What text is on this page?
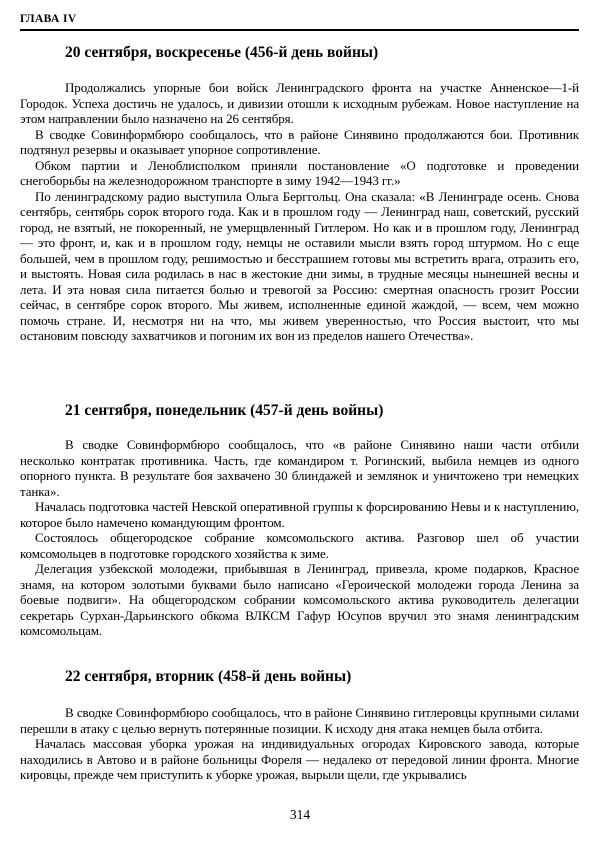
ГЛАВА IV
20 сентября, воскресенье (456-й день войны)

Продолжались упорные бои войск Ленинградского фронта на участке Анненское—1-й Городок. Успеха достичь не удалось, и дивизии отошли к исходным рубежам. Новое наступление на этом направлении было назначено на 26 сентября.

В сводке Совинформбюро сообщалось, что в районе Синявино продолжаются бои. Противник подтянул резервы и оказывает упорное сопротивление.

Обком партии и Леноблисполком приняли постановление «О подготовке и проведении снегоборьбы на железнодорожном транспорте в зиму 1942—1943 гг.»

По ленинградскому радио выступила Ольга Берггольц. Она сказала: «В Ленинграде осень. Снова сентябрь, сентябрь сорок второго года. Как и в прошлом году — Ленинград наш, советский, русский город, не взятый, не покоренный, не умерщвленный Гитлером. Но как и в прошлом году, Ленинград — это фронт, и, как и в прошлом году, немцы не оставили мысли взять город штурмом. Но с еще большей, чем в прошлом году, решимостью и бесстрашием готовы мы встретить врага, отразить его, и выстоять. Новая сила родилась в нас в жестокие дни зимы, в трудные месяцы нынешней весны и лета. И эта новая сила питается болью и тревогой за Россию: смертная опасность грозит России сейчас, в сентябре сорок второго. Мы живем, исполненные единой жаждой, — всем, чем можно помочь стране. И, несмотря ни на что, мы живем уверенностью, что Россия выстоит, что мы остановим повсюду захватчиков и погоним их вон из пределов нашего Отечества».

21 сентября, понедельник (457-й день войны)

В сводке Совинформбюро сообщалось, что «в районе Синявино наши части отбили несколько контратак противника. Часть, где командиром т. Рогинский, выбила немцев из одного опорного пункта. В результате боя захвачено 30 блиндажей и землянок и уничтожено три немецких танка».

Началась подготовка частей Невской оперативной группы к форсированию Невы и к наступлению, которое было намечено командующим фронтом.

Состоялось общегородское собрание комсомольского актива. Разговор шел об участии комсомольцев в подготовке городского хозяйства к зиме.

Делегация узбекской молодежи, прибывшая в Ленинград, привезла, кроме подарков, Красное знамя, на котором золотыми буквами было написано «Героической молодежи города Ленина за боевые подвиги». На общегородском собрании комсомольского актива руководитель делегации секретарь Сурхан-Дарьинского обкома ВЛКСМ Гафур Юсупов вручил это знамя ленинградским комсомольцам.

22 сентября, вторник (458-й день войны)

В сводке Совинформбюро сообщалось, что в районе Синявино гитлеровцы крупными силами перешли в атаку с целью вернуть потерянные позиции. К исходу дня атака немцев была отбита.

Началась массовая уборка урожая на индивидуальных огородах Кировского завода, которые находились в Автово и в районе больницы Фореля — недалеко от передовой линии фронта. Многие кировцы, прежде чем приступить к уборке урожая, вырыли щели, где укрывались

314
